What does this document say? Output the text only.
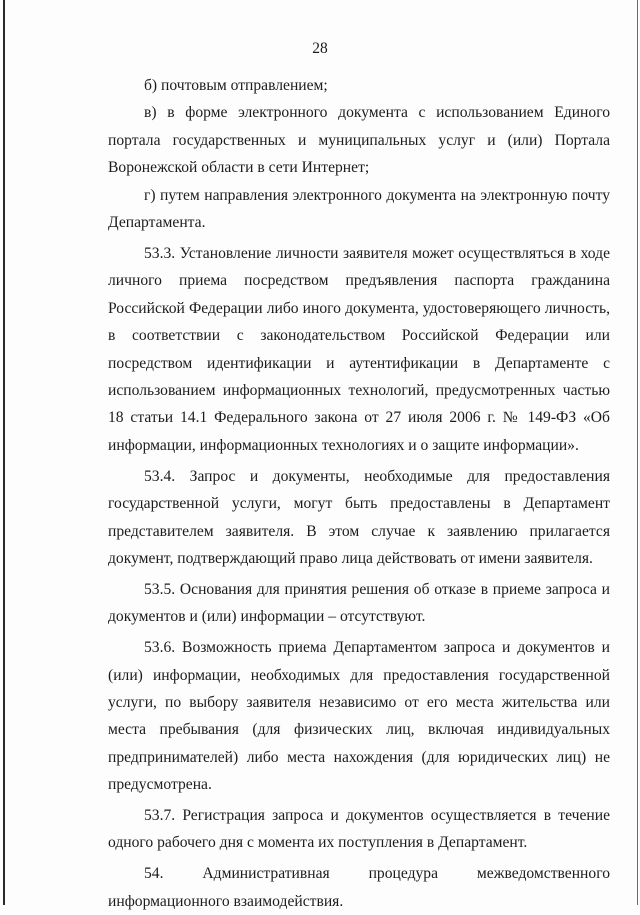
28

б) почтовым отправлением;

в) в форме электронного документа с использованием Единого портала государственных и муниципальных услуг и (или) Портала Воронежской области в сети Интернет;

г) путем направления электронного документа на электронную почту Департамента.

53.3. Установление личности заявителя может осуществляться в ходе личного приема посредством предъявления паспорта гражданина Российской Федерации либо иного документа, удостоверяющего личность, в соответствии с законодательством Российской Федерации или посредством идентификации и аутентификации в Департаменте с использованием информационных технологий, предусмотренных частью 18 статьи 14.1 Федерального закона от 27 июля 2006 г. № 149-ФЗ «Об информации, информационных технологиях и о защите информации».

53.4. Запрос и документы, необходимые для предоставления государственной услуги, могут быть предоставлены в Департамент представителем заявителя. В этом случае к заявлению прилагается документ, подтверждающий право лица действовать от имени заявителя.

53.5. Основания для принятия решения об отказе в приеме запроса и документов и (или) информации – отсутствуют.

53.6. Возможность приема Департаментом запроса и документов и (или) информации, необходимых для предоставления государственной услуги, по выбору заявителя независимо от его места жительства или места пребывания (для физических лиц, включая индивидуальных предпринимателей) либо места нахождения (для юридических лиц) не предусмотрена.

53.7. Регистрация запроса и документов осуществляется в течение одного рабочего дня с момента их поступления в Департамент.

54. Административная процедура межведомственного информационного взаимодействия.
